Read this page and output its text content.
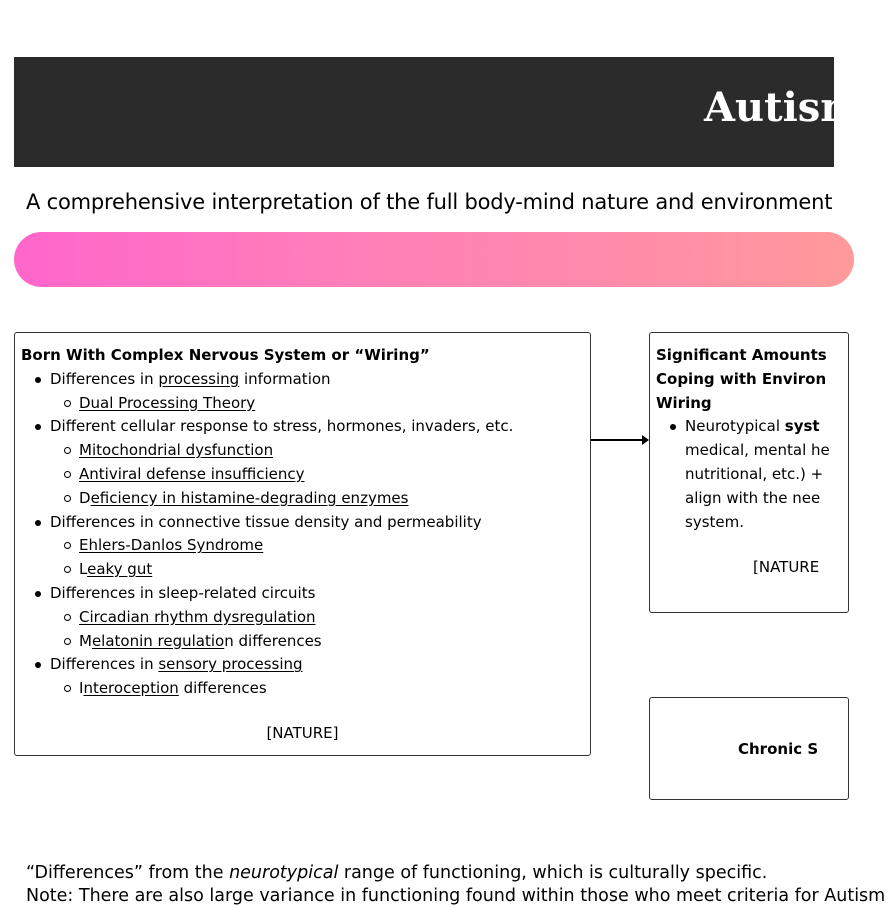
Autism
A comprehensive interpretation of the full body-mind nature and environment
Born With Complex Nervous System or “Wiring”
Differences in processing information
Dual Processing Theory
Different cellular response to stress, hormones, invaders, etc.
Mitochondrial dysfunction
Antiviral defense insufficiency
Deficiency in histamine-degrading enzymes
Differences in connective tissue density and permeability
Ehlers-Danlos Syndrome
Leaky gut
Differences in sleep-related circuits
Circadian rhythm dysregulation
Melatonin regulation differences
Differences in sensory processing
Interoception differences
[NATURE]
Significant Amounts
Coping with Environ
Wiring
Neurotypical syst
medical, mental he
nutritional, etc.) +
align with the nee
system.
[NATURE
Chronic S
“Differences” from the neurotypical range of functioning, which is culturally specific.
Note: There are also large variance in functioning found within those who meet criteria for Autism
